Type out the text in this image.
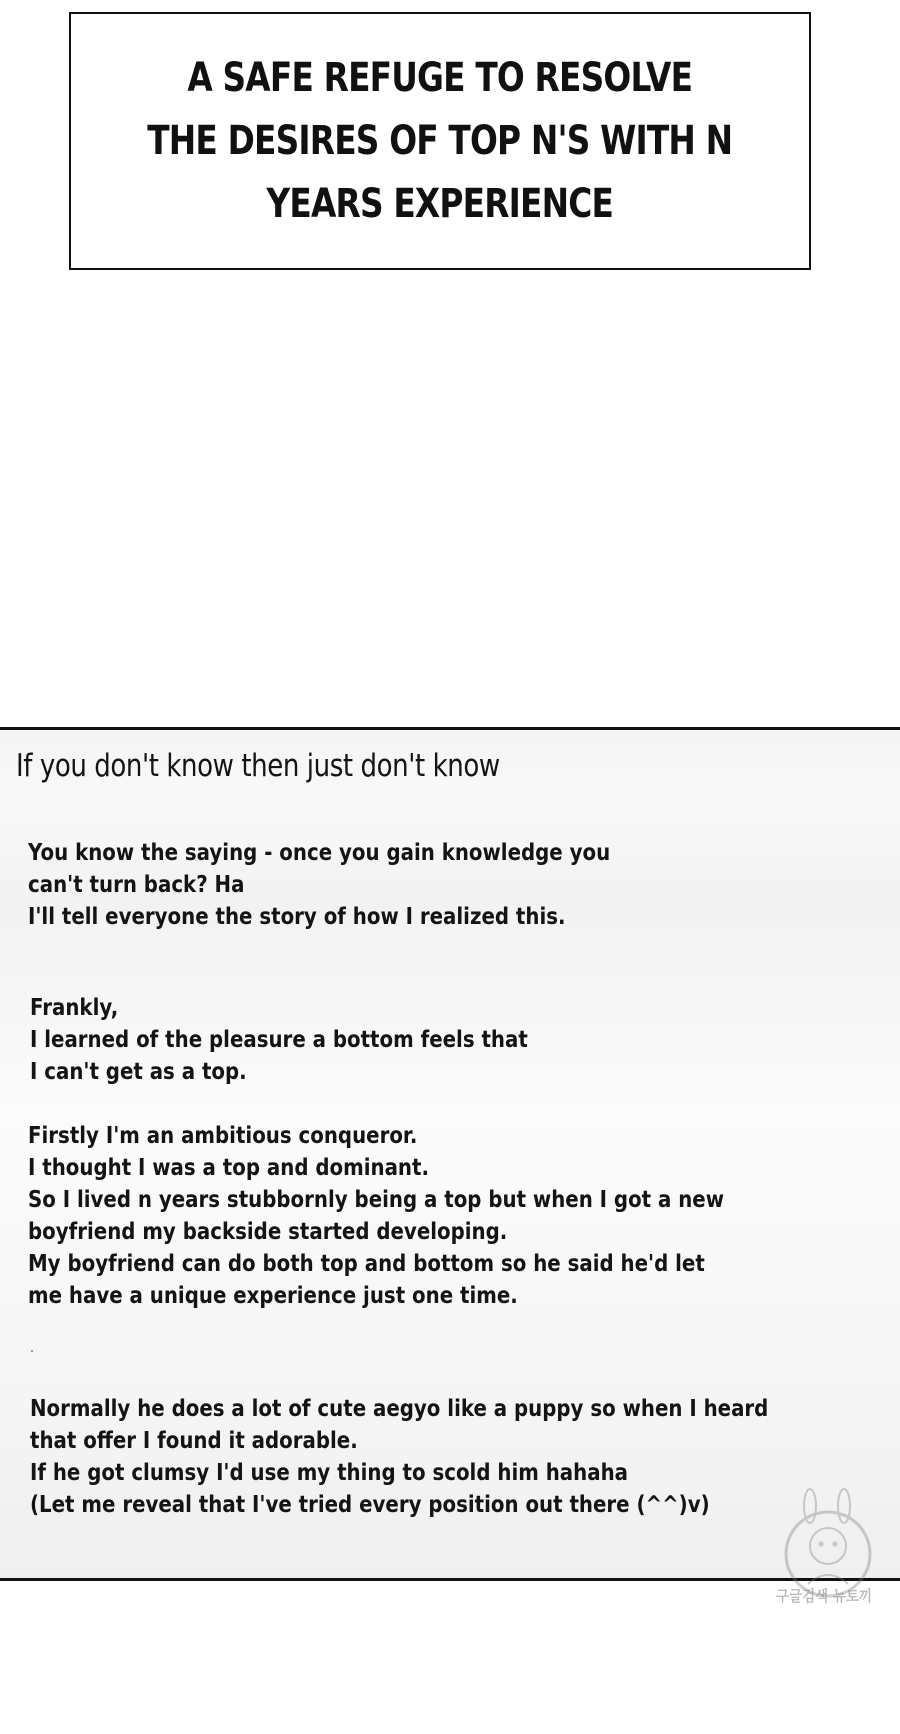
A SAFE REFUGE TO RESOLVE
THE DESIRES OF TOP N'S WITH N
YEARS EXPERIENCE
If you don't know then just don't know
You know the saying - once you gain knowledge you
can't turn back? Ha
I'll tell everyone the story of how I realized this.
Frankly,
I learned of the pleasure a bottom feels that
I can't get as a top.
Firstly I'm an ambitious conqueror.
I thought I was a top and dominant.
So I lived n years stubbornly being a top but when I got a new
boyfriend my backside started developing.
My boyfriend can do both top and bottom so he said he'd let
me have a unique experience just one time.
Normally he does a lot of cute aegyo like a puppy so when I heard
that offer I found it adorable.
If he got clumsy I'd use my thing to scold him hahaha
(Let me reveal that I've tried every position out there (^^)v)
구글검색 뉴토끼
